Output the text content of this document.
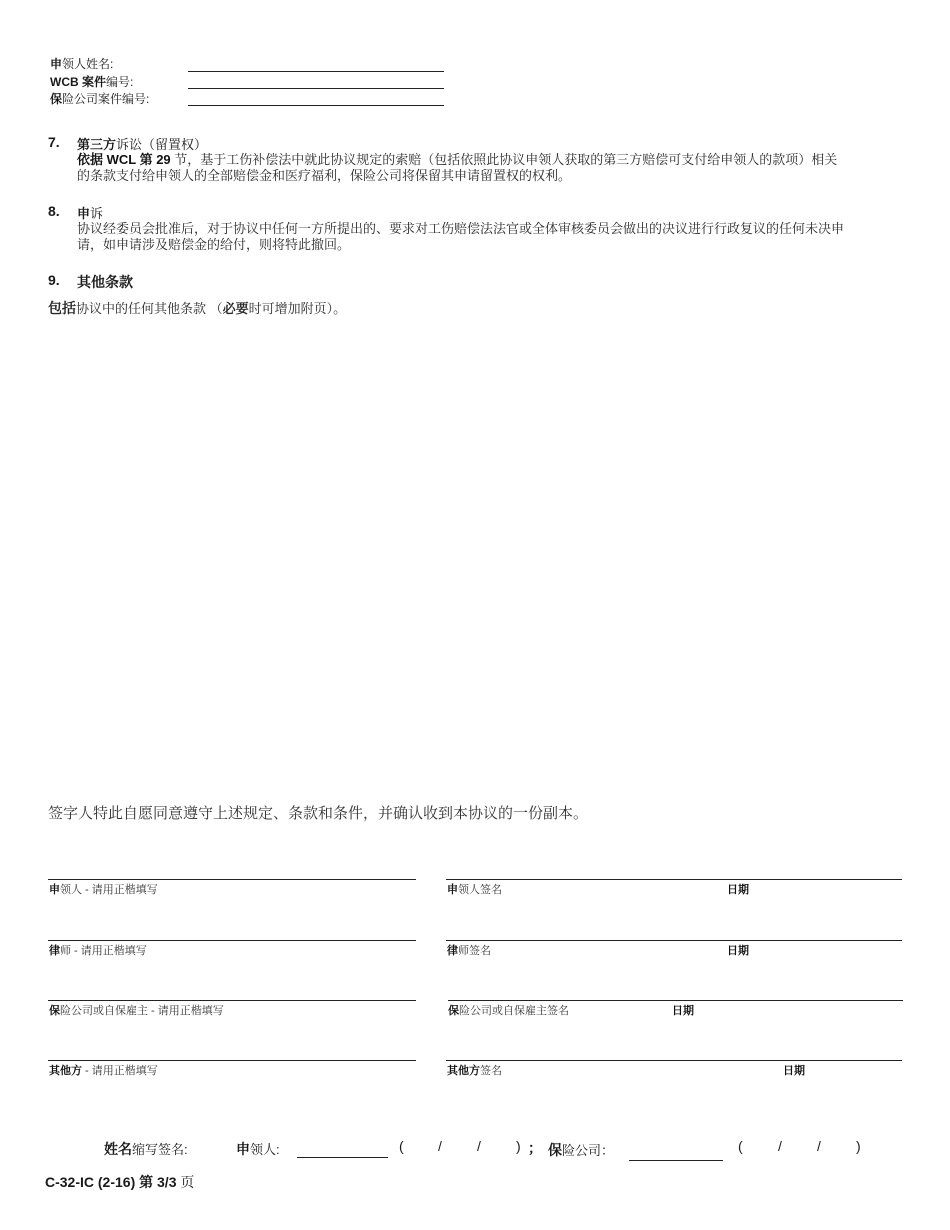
申领人姓名:
WCB 案件编号:
保险公司案件编号:
7. 第三方诉讼（留置权）
依据 WCL 第 29 节，基于工伤补偿法中就此协议规定的索赔（包括依照此协议申领人获取的第三方赔偿可支付给申领人的款项）相关
的条款支付给申领人的全部赔偿金和医疗福利，保险公司将保留其申请留置权的权利。
8. 申诉
协议经委员会批准后，对于协议中任何一方所提出的、要求对工伤赔偿法法官或全体审核委员会做出的决议进行行政复议的任何未决申
请，如申请涉及赔偿金的给付，则将特此撤回。
9. 其他条款
包括协议中的任何其他条款 （必要时可增加附页）。
签字人特此自愿同意遵守上述规定、条款和条件，并确认收到本协议的一份副本。
申领人 - 请用正楷填写	申领人签名	日期
律师 - 请用正楷填写	律师签名	日期
保险公司或自保雇主 - 请用正楷填写	保险公司或自保雇主签名	日期
其他方 - 请用正楷填写	其他方签名	日期
姓名缩写签名:	申领人:	( /	/	) ； 保险公司：	(	/	/	)
C-32-IC (2-16) 第 3/3 页
